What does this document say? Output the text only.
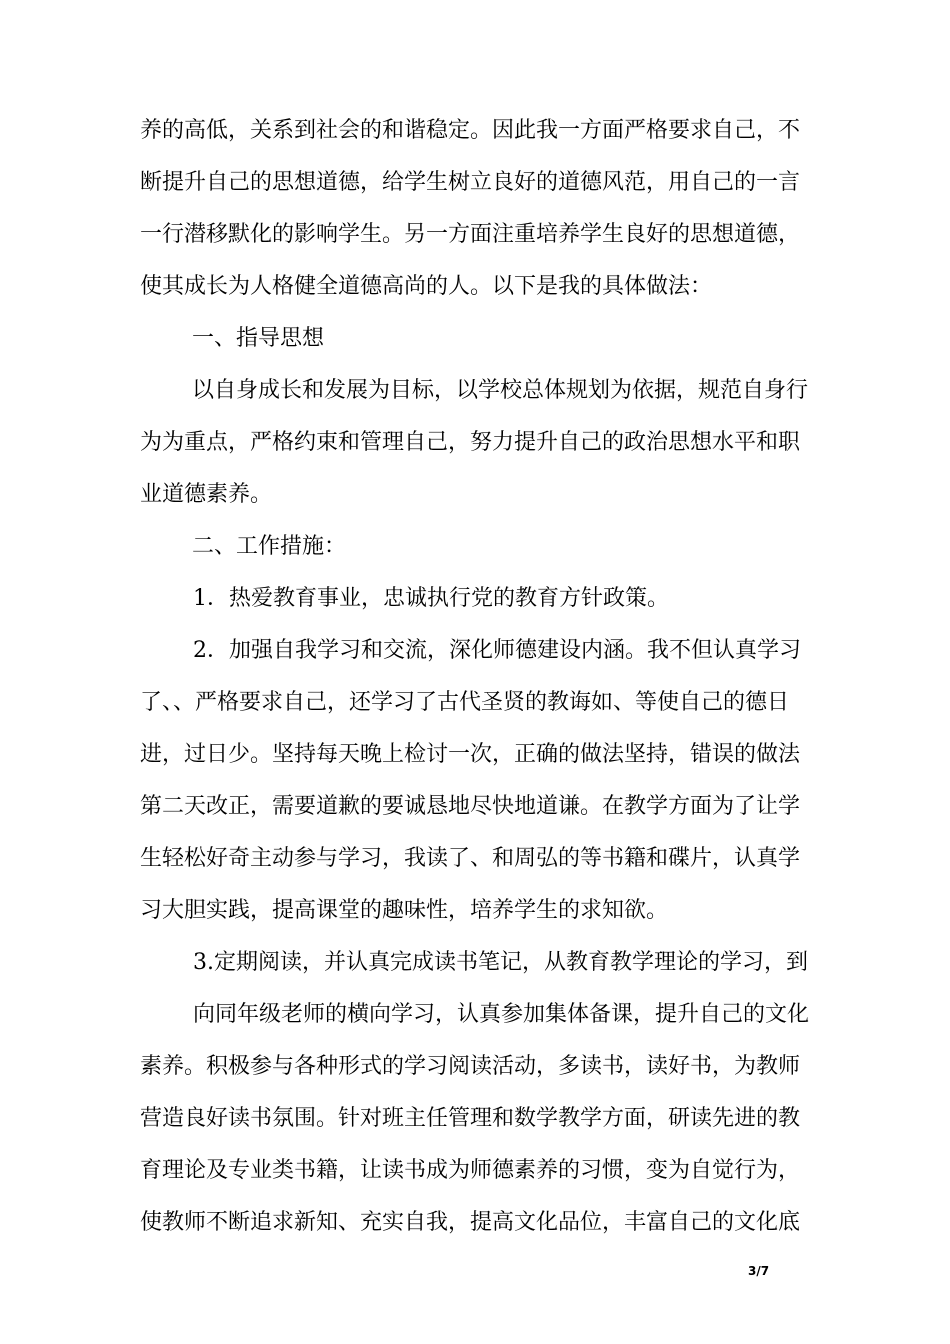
养的高低，关系到社会的和谐稳定。因此我一方面严格要求自己，不
断提升自己的思想道德，给学生树立良好的道德风范，用自己的一言
一行潜移默化的影响学生。另一方面注重培养学生良好的思想道德，
使其成长为人格健全道德高尚的人。以下是我的具体做法：
一、指导思想
以自身成长和发展为目标，以学校总体规划为依据，规范自身行
为为重点，严格约束和管理自己，努力提升自己的政治思想水平和职
业道德素养。
二、工作措施：
1．热爱教育事业，忠诚执行党的教育方针政策。
2．加强自我学习和交流，深化师德建设内涵。我不但认真学习
了、、严格要求自己，还学习了古代圣贤的教诲如、等使自己的德日
进，过日少。坚持每天晚上检讨一次，正确的做法坚持，错误的做法
第二天改正，需要道歉的要诚恳地尽快地道谦。在教学方面为了让学
生轻松好奇主动参与学习，我读了、和周弘的等书籍和碟片，认真学
习大胆实践，提高课堂的趣味性，培养学生的求知欲。
3.定期阅读，并认真完成读书笔记，从教育教学理论的学习，到
向同年级老师的横向学习，认真参加集体备课，提升自己的文化
素养。积极参与各种形式的学习阅读活动，多读书，读好书，为教师
营造良好读书氛围。针对班主任管理和数学教学方面，研读先进的教
育理论及专业类书籍，让读书成为师德素养的习惯，变为自觉行为，
使教师不断追求新知、充实自我，提高文化品位，丰富自己的文化底
3/7
